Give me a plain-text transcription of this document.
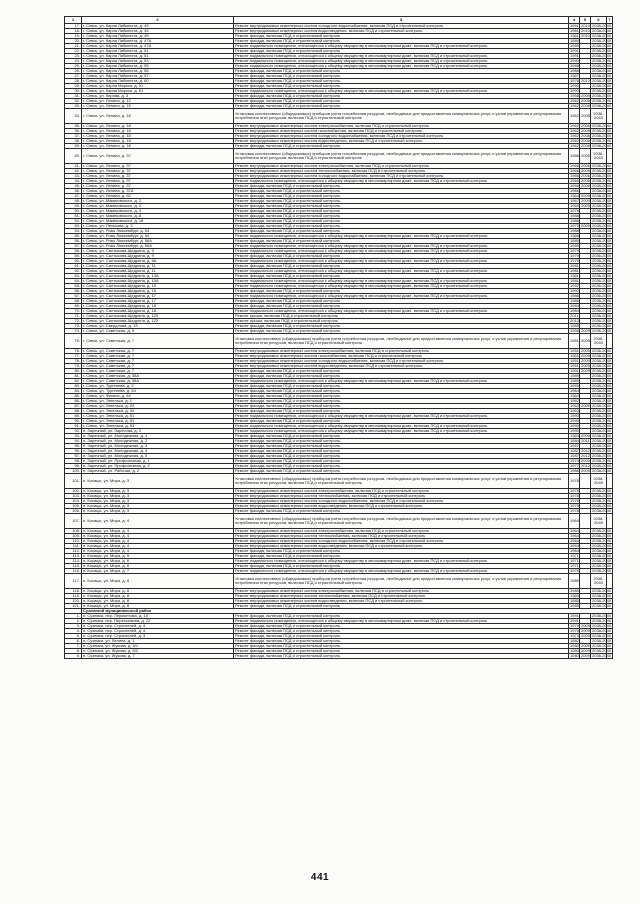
1	2	3	4	5	6	7
17.	г. Севск, ул. Карла Либкнехта, д. 45	Ремонт внутридомовых инженерных систем холодного водоснабжения, включая ПСД и строительный контроль	1961	2010	2038-2040	
18.	г. Севск, ул. Карла Либкнехта, д. 45	Ремонт внутридомовых инженерных систем водоотведения, включая ПСД и строительный контроль	1961	2010	2038-2040	
19.	г. Севск, ул. Карла Либкнехта, д. 45	Ремонт фасада, включая ПСД и строительный контроль	1961	2010	2038-2040	
20.	г. Севск, ул. Карла Либкнехта, д. 47А	Ремонт фасада, включая ПСД и строительный контроль	1989		2038-2040	
21.	г. Севск, ул. Карла Либкнехта, д. 47А	Ремонт подвального помещения, относящегося к общему имуществу в многоквартирном доме, включая ПСД и строительный контроль	1989		2038-2040	
22.	г. Севск, ул. Карла Либкнехта, д. 51	Ремонт фасада, включая ПСД и строительный контроль	1991		2038-2040	
23.	г. Севск, ул. Карла Либкнехта, д. 51	Ремонт подвального помещения, относящегося к общему имуществу в многоквартирном доме, включая ПСД и строительный контроль	1991		2038-2040	
24.	г. Севск, ул. Карла Либкнехта, д. 53	Ремонт подвального помещения, относящегося к общему имуществу в многоквартирном доме, включая ПСД и строительный контроль	1990		2038-2040	
25.	г. Севск, ул. Карла Либкнехта, д. 55	Ремонт подвального помещения, относящегося к общему имуществу в многоквартирном доме, включая ПСД и строительный контроль	1988		2038-2040	
26.	г. Севск, ул. Карла Либкнехта, д. 55	Ремонт фасада, включая ПСД и строительный контроль	1988		2038-2040	
27.	г. Севск, ул. Карла Либкнехта, д. 57	Ремонт фасада, включая ПСД и строительный контроль	1987		2038-2040	
28.	г. Севск, ул. Карла Либкнехта, д. 60	Ремонт фасада, включая ПСД и строительный контроль	1976	2012	2038-2040	
29.	г. Севск, ул. Карла Маркса, д. 51	Ремонт фасада, включая ПСД и строительный контроль	1990		2038-2040	
30.	г. Севск, ул. Карла Маркса, д. 51	Ремонт подвального помещения, относящегося к общему имуществу в многоквартирном доме, включая ПСД и строительный контроль	1990		2038-2040	
31.	г. Севск, ул. Кирова, д. 3	Ремонт фасада, включая ПСД и строительный контроль	1958	2009	2038-2040	
32.	г. Севск, ул. Ленина, д. 12	Ремонт фасада, включая ПСД и строительный контроль	1962	2008	2038-2040	
33.	г. Севск, ул. Ленина, д. 15	Ремонт фасада, включая ПСД и строительный контроль	1962	2008	2038-2040	
34.	г. Севск, ул. Ленина, д. 18	Установка коллективных (общедомовых) приборов учета потребления ресурсов, необходимых для предоставления коммунальных услуг, и узлов управления и регулирования потребления этих ресурсов, включая ПСД и строительный контроль	1962	2008	2038-2040	
35.	г. Севск, ул. Ленина, д. 18	Ремонт внутридомовых инженерных систем электроснабжения, включая ПСД и строительный контроль	1962	2008	2038-2040	
36.	г. Севск, ул. Ленина, д. 18	Ремонт внутридомовых инженерных систем газоснабжения, включая ПСД и строительный контроль	1962	2008	2038-2040	
37.	г. Севск, ул. Ленина, д. 18	Ремонт внутридомовых инженерных систем холодного водоснабжения, включая ПСД и строительный контроль	1962	2008	2038-2040	
38.	г. Севск, ул. Ленина, д. 18	Ремонт внутридомовых инженерных систем водоотведения, включая ПСД и строительный контроль	1962	2008	2038-2040	
39.	г. Севск, ул. Ленина, д. 18	Ремонт фасада, включая ПСД и строительный контроль	1962	2008	2038-2040	
40.	г. Севск, ул. Ленина, д. 37	Установка коллективных (общедомовых) приборов учета потребления ресурсов, необходимых для предоставления коммунальных услуг, и узлов управления и регулирования потребления этих ресурсов, включая ПСД и строительный контроль	1966	2006	2038-2040	
41.	г. Севск, ул. Ленина, д. 37	Ремонт внутридомовых инженерных систем электроснабжения, включая ПСД и строительный контроль	1966	2006	2038-2040	
42.	г. Севск, ул. Ленина, д. 37	Ремонт внутридомовых инженерных систем теплоснабжения, включая ПСД и строительный контроль	1966	2006	2038-2040	
43.	г. Севск, ул. Ленина, д. 37	Ремонт внутридомовых инженерных систем холодного водоснабжения, включая ПСД и строительный контроль	1966	2006	2038-2040	
44.	г. Севск, ул. Ленина, д. 37	Ремонт подвального помещения, относящегося к общему имуществу в многоквартирном доме, включая ПСД и строительный контроль	1966	2006	2038-2040	
45.	г. Севск, ул. Ленина, д. 37	Ремонт фасада, включая ПСД и строительный контроль	1966	2006	2038-2040	
46.	г. Севск, ул. Ленина, д. 37А	Ремонт фасада, включая ПСД и строительный контроль	1966		2038-2040	
47.	г. Севск, ул. Ленина, д. 62	Ремонт фасада, включая ПСД и строительный контроль	1964	2009	2038-2040	
48.	г. Севск, ул. Мамековского, д. 2	Ремонт фасада, включая ПСД и строительный контроль	1967	2009	2038-2040	
49.	г. Севск, ул. Мамековского, д. 2	Ремонт фасада, включая ПСД и строительный контроль	1969	2009	2038-2040	
50.	г. Севск, ул. Мамековского, д. 3	Ремонт фасада, включая ПСД и строительный контроль	1978		2038-2040	
51.	г. Севск, ул. Мамековского, д. 8	Ремонт фасада, включая ПСД и строительный контроль	1988		2038-2040	
52.	г. Севск, ул. Мамековского, д. 18	Ремонт фасада, включая ПСД и строительный контроль	1988		2038-2040	
53.	г. Севск, ул. Пенькова, д. 2	Ремонт фасада, включая ПСД и строительный контроль	1975	2009	2038-2040	
54.	г. Севск, ул. Розы Люксембург, д. 54	Ремонт фасада, включая ПСД и строительный контроль	1988		2038-2040	
55.	г. Севск, ул. Розы Люксембург, д. 54	Ремонт подвального помещения, относящегося к общему имуществу в многоквартирном доме, включая ПСД и строительный контроль	1988		2038-2040	
56.	г. Севск, ул. Розы Люксембург, д. 56А	Ремонт фасада, включая ПСД и строительный контроль	1989		2038-2040	
57.	г. Севск, ул. Розы Люксембург, д. 56А	Ремонт подвального помещения, относящегося к общему имуществу в многоквартирном доме, включая ПСД и строительный контроль	1989		2038-2040	
58.	г. Севск, ул. Салтыкова-Щедрина, д. 9	Ремонт подвального помещения, относящегося к общему имуществу в многоквартирном доме, включая ПСД и строительный контроль	1979		2038-2040	
59.	г. Севск, ул. Салтыкова-Щедрина, д. 9	Ремонт фасада, включая ПСД и строительный контроль	1979		2036-2040	
60.	г. Севск, ул. Салтыкова-Щедрина, д. 9А	Ремонт подвального помещения, относящегося к общему имуществу в многоквартирном доме, включая ПСД и строительный контроль	1979		2036-2040	
61.	г. Севск, ул. Салтыкова-Щедрина, д. 11	Ремонт фасада, включая ПСД и строительный контроль	1981		2036-2040	
62.	г. Севск, ул. Салтыкова-Щедрина, д. 11	Ремонт подвального помещения, относящегося к общему имуществу в многоквартирном доме, включая ПСД и строительный контроль	1981		2036-2040	
63.	г. Севск, ул. Салтыкова-Щедрина, д. 13А	Ремонт фасада, включая ПСД и строительный контроль	1981		2036-2040	
64.	г. Севск, ул. Салтыкова-Щедрина, д. 13А	Ремонт подвального помещения, относящегося к общему имуществу в многоквартирном доме, включая ПСД и строительный контроль	1981		2036-2040	
65.	г. Севск, ул. Салтыкова-Щедрина, д. 15	Ремонт подвального помещения, относящегося к общему имуществу в многоквартирном доме, включая ПСД и строительный контроль	1992		2036-2040	
66.	г. Севск, ул. Салтыкова-Щедрина, д. 15	Ремонт фасада, включая ПСД и строительный контроль	1992		2036-2040	
67.	г. Севск, ул. Салтыкова-Щедрина, д. 17	Ремонт подвального помещения, относящегося к общему имуществу в многоквартирном доме, включая ПСД и строительный контроль	1986		2036-2040	
68.	г. Севск, ул. Салтыкова-Щедрина, д. 17	Ремонт фасада, включая ПСД и строительный контроль	1986		2036-2040	
69.	г. Севск, ул. Салтыкова-Щедрина, д. 18	Ремонт фасада, включая ПСД и строительный контроль	1984		2036-2040	
70.	г. Севск, ул. Салтыкова-Щедрина, д. 18	Ремонт подвального помещения, относящегося к общему имуществу в многоквартирном доме, включая ПСД и строительный контроль	1984		2036-2040	
71.	г. Севск, ул. Салтыкова-Щедрина, д. 120	Ремонт крыши, включая ПСД и строительный контроль	2011		2036-2040	
72.	г. Севск, ул. Салтыкова-Щедрина, д. 122	Ремонт крыши, включая ПСД и строительный контроль	2013		2036-2040	
73.	г. Севск, ул. Свердлова, д. 13	Ремонт фасада, включая ПСД и строительный контроль	1985		2036-2040	
74.	г. Севск, ул. Советская, д. 5	Ремонт фасада, включая ПСД и строительный контроль	1958	2009	2036-2040	
75.	г. Севск, ул. Советская, д. 7	Установка коллективных (общедомовых) приборов учета потребления ресурсов, необходимых для предоставления коммунальных услуг, и узлов управления и регулирования потребления этих ресурсов, включая ПСД и строительный контроль	1951	2009	2038-2040	
76.	г. Севск, ул. Советская, д. 7	Ремонт внутридомовых инженерных систем электроснабжения, включая ПСД и строительный контроль	1951	2009	2038-2040	
77.	г. Севск, ул. Советская, д. 7	Ремонт внутридомовых инженерных систем газоснабжения, включая ПСД и строительный контроль	1951	2009	2038-2040	
78.	г. Севск, ул. Советская, д. 7	Ремонт внутридомовых инженерных систем холодного водоснабжения, включая ПСД и строительный контроль	1951	2009	2038-2040	
79.	г. Севск, ул. Советская, д. 7	Ремонт внутридомовых инженерных систем водоотведения, включая ПСД и строительный контроль	1951	2009	2038-2040	
80.	г. Севск, ул. Советская, д. 7	Ремонт фасада, включая ПСД и строительный контроль	1951	2009	2038-2040	
81.	г. Севск, ул. Советская, д. 38А	Ремонт фасада, включая ПСД и строительный контроль	1989		2038-2040	
82.	г. Севск, ул. Советская, д. 38А	Ремонт подвального помещения, относящегося к общему имуществу в многоквартирном доме, включая ПСД и строительный контроль	1989		2038-2040	
83.	г. Севск, ул. Тургенева, д. 2	Ремонт фасада, включая ПСД и строительный контроль	1965		2038-2040	
84.	г. Севск, ул. Тургенева, д. 64	Ремонт фасада, включая ПСД и строительный контроль	1964		2038-2040	
85.	г. Севск, ул. Фокина, д. 64	Ремонт фасада, включая ПСД и строительный контроль	1962		2038-2040	
86.	г. Севск, ул. Энгельса, д. 1	Ремонт фасада, включая ПСД и строительный контроль	1962		2038-2040	
87.	г. Севск, ул. Энгельса, д. 23	Ремонт фасада, включая ПСД и строительный контроль	1963	2009	2038-2040	
88.	г. Севск, ул. Энгельса, д. 32	Ремонт фасада, включая ПСД и строительный контроль	1963		2038-2040	
89.	г. Севск, ул. Энгельса, д. 51	Ремонт подвального помещения, относящегося к общему имуществу в многоквартирном доме, включая ПСД и строительный контроль	1990		2038-2040	
90.	г. Севск, ул. Энгельса, д. 51	Ремонт фасада, включая ПСД и строительный контроль	1990		2038-2040	
91.	г. Севск, ул. Энгельса, д. 53	Ремонт подвального помещения, относящегося к общему имуществу в многоквартирном доме, включая ПСД и строительный контроль	1990		2038-2040	
92.	п. Заречный, ул. Заречная, д. 2	Ремонт подвального помещения, относящегося к общему имуществу в многоквартирном доме, включая ПСД и строительный контроль	1990		2038-2040	
93.	п. Заречный, ул. Молодежная, д. 1	Ремонт фасада, включая ПСД и строительный контроль	1983	2009	2038-2040	
94.	п. Заречный, ул. Молодежная, д. 2	Ремонт фасада, включая ПСД и строительный контроль	1984	2011	2038-2040	
95.	п. Заречный, ул. Молодежная, д. 3	Ремонт фасада, включая ПСД и строительный контроль	1987		2038-2040	
96.	п. Заречный, ул. Молодежная, д. 4	Ремонт фасада, включая ПСД и строительный контроль	1987	2012	2038-2040	
97.	п. Заречный, ул. Молодежная, д. 5	Ремонт фасада, включая ПСД и строительный контроль	1987	2012	2038-2040	
98.	п. Заречный, ул. Профсоюзная, д. 1	Ремонт фасада, включая ПСД и строительный контроль	1974	2009	2038-2040	
99.	п. Заречный, ул. Профсоюзная, д. 2	Ремонт фасада, включая ПСД и строительный контроль	1977	2012	2038-2040	
100.	п. Заречный, ул. Рабочая, д. 2	Ремонт фасада, включая ПСД и строительный контроль	1986	2009	2038-2040	
101.	п. Косицы, ул. Мира, д. 3	Установка коллективных (общедомовых) приборов учета потребления ресурсов, необходимых для предоставления коммунальных услуг, и узлов управления и регулирования потребления этих ресурсов, включая ПСД и строительный контроль	1978		2038-2040	
102.	п. Косицы, ул. Мира, д. 3	Ремонт внутридомовых инженерных систем электроснабжения, включая ПСД и строительный контроль	1978		2038-2040	
103.	п. Косицы, ул. Мира, д. 3	Ремонт внутридомовых инженерных систем теплоснабжения, включая ПСД и строительный контроль	1978		2038-2040	
104.	п. Косицы, ул. Мира, д. 3	Ремонт внутридомовых инженерных систем холодного водоснабжения, включая ПСД и строительный контроль	1978		2038-2040	
105.	п. Косицы, ул. Мира, д. 3	Ремонт внутридомовых инженерных систем водоотведения, включая ПСД и строительный контроль	1978		2038-2040	
106.	п. Косицы, ул. Мира, д. 3	Ремонт фасада, включая ПСД и строительный контроль	1978		2038-2040	
107.	п. Косицы, ул. Мира, д. 4	Установка коллективных (общедомовых) приборов учета потребления ресурсов, необходимых для предоставления коммунальных услуг, и узлов управления и регулирования потребления этих ресурсов, включая ПСД и строительный контроль	1964		2038-2040	
108.	п. Косицы, ул. Мира, д. 4	Ремонт внутридомовых инженерных систем электроснабжения, включая ПСД и строительный контроль	1964		2038-2040	
109.	п. Косицы, ул. Мира, д. 4	Ремонт внутридомовых инженерных систем теплоснабжения, включая ПСД и строительный контроль	1964		2038-2040	
110.	п. Косицы, ул. Мира, д. 4	Ремонт внутридомовых инженерных систем холодного водоснабжения, включая ПСД и строительный контроль	1964		2038-2040	
111.	п. Косицы, ул. Мира, д. 4	Ремонт внутридомовых инженерных систем водоотведения, включая ПСД и строительный контроль	1964		2038-2040	
112.	п. Косицы, ул. Мира, д. 4	Ремонт фасада, включая ПСД и строительный контроль	1964		2038-2040	
113.	п. Косицы, ул. Мира, д. 5	Ремонт фасада, включая ПСД и строительный контроль	1971		2038-2040	
114.	п. Косицы, ул. Мира, д. 6	Ремонт подвального помещения, относящегося к общему имуществу в многоквартирном доме, включая ПСД и строительный контроль	1971		2038-2040	
115.	п. Косицы, ул. Мира, д. 6	Ремонт фасада, включая ПСД и строительный контроль	1971		2038-2040	
116.	п. Косицы, ул. Мира, д. 7	Ремонт подвального помещения, относящегося к общему имуществу в многоквартирном доме, включая ПСД и строительный контроль	1976		2038-2040	
117.	п. Косицы, ул. Мира, д. 8	Установка коллективных (общедомовых) приборов учета потребления ресурсов, необходимых для предоставления коммунальных услуг, и узлов управления и регулирования потребления этих ресурсов, включая ПСД и строительный контроль	1985		2038-2040	
118.	п. Косицы, ул. Мира, д. 8	Ремонт внутридомовых инженерных систем электроснабжения, включая ПСД и строительный контроль	1985		2038-2040	
119.	п. Косицы, ул. Мира, д. 8	Ремонт внутридомовых инженерных систем теплоснабжения, включая ПСД и строительный контроль	1985		2038-2040	
120.	п. Косицы, ул. Мира, д. 8	Ремонт внутридомовых инженерных систем водоотведения, включая ПСД и строительный контроль	1985		2038-2040	
121.	п. Косицы, ул. Мира, д. 8	Ремонт фасада, включая ПСД и строительный контроль	1985		2038-2040	
	Суземский муниципальный район					
1.	п. Суземка, пер. Лермонтова, д. 15	Ремонт фасада, включая ПСД и строительный контроль	1991		2038-2040	
2.	п. Суземка, пер. Пересыпкина, д. 22	Ремонт подвального помещения, относящегося к общему имуществу в многоквартирном доме, включая ПСД и строительный контроль	1991		2038-2040	
3.	п. Суземка, пер. Строителей, д. 4	Ремонт фасада, включая ПСД и строительный контроль	1979	2009	2038-2040	
4.	п. Суземка, пер. Строителей, д. 4	Ремонт фасада, включая ПСД и строительный контроль	1976	2009	2038-2040	
5.	п. Суземка, пер. Строителей, д. 3	Ремонт фасада, включая ПСД и строительный контроль	1974	2009	2038-2040	
6.	п. Суземка, ул. Ленина, д. 1	Ремонт фасада, включая ПСД и строительный контроль	1982		2038-2040	
7.	п. Суземка, ул. Жукова, д. 5/1	Ремонт фасада, включая ПСД и строительный контроль	1980	2009	2038-2040	
8.	п. Суземка, ул. Жукова, д. 5/2	Ремонт фасада, включая ПСД и строительный контроль	1980	2009	2038-2040	
9.	п. Суземка, ул. Жукова, д. 7	Ремонт фасада, включая ПСД и строительный контроль	1980	2009	2038-2040	
441
